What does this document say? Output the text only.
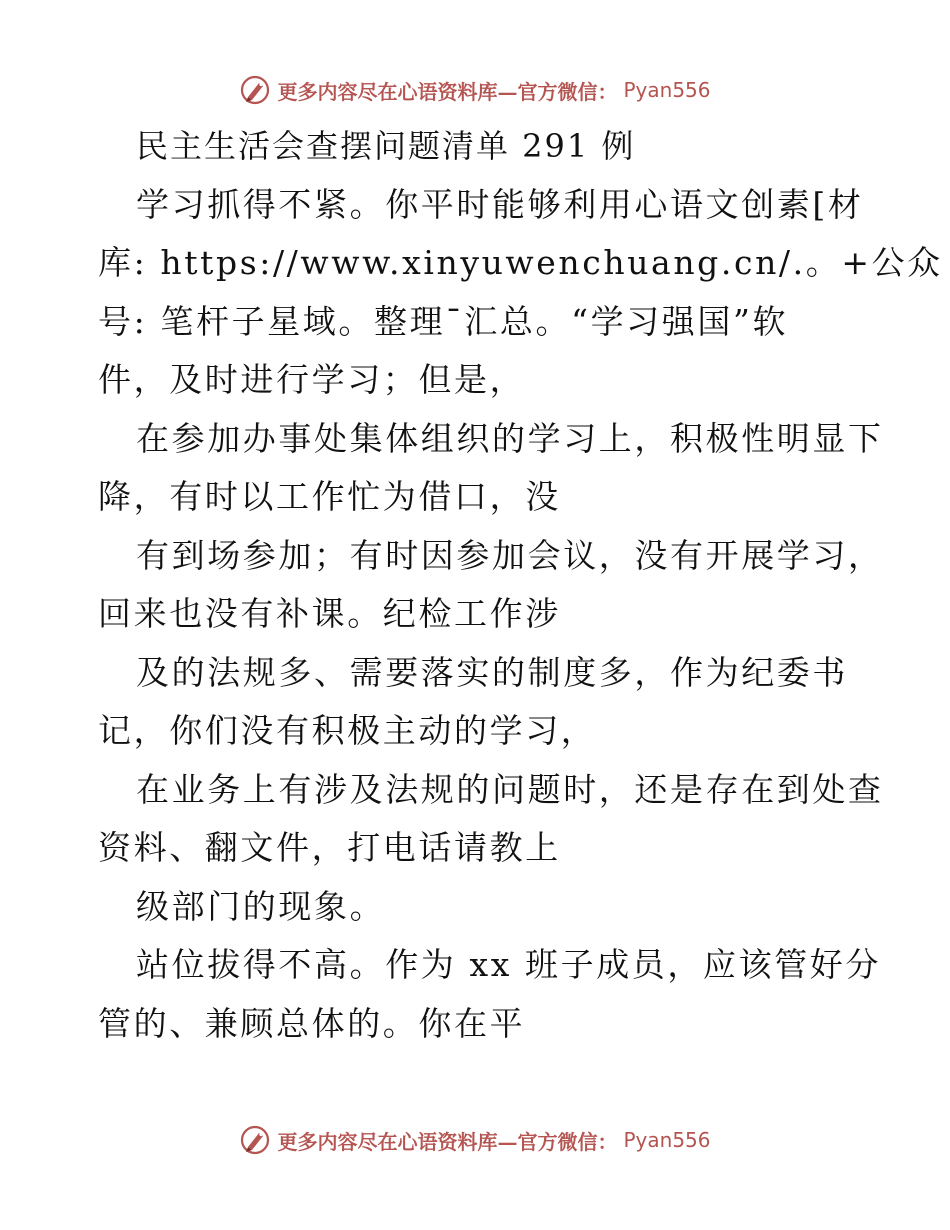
更多内容尽在心语资料库—官方微信： Pyan556
民主生活会查摆问题清单 291 例
学习抓得不紧。你平时能够利用心语文创素[材
库: https://www.xinyuwenchuang.cn/.。+公众
号: 笔杆子星域。整理¯汇总。“学习强国”软
件，及时进行学习；但是，
在参加办事处集体组织的学习上，积极性明显下
降，有时以工作忙为借口，没
有到场参加；有时因参加会议，没有开展学习，
回来也没有补课。纪检工作涉
及的法规多、需要落实的制度多，作为纪委书
记，你们没有积极主动的学习，
在业务上有涉及法规的问题时，还是存在到处查
资料、翻文件，打电话请教上
级部门的现象。
站位拔得不高。作为 xx 班子成员，应该管好分
管的、兼顾总体的。你在平
更多内容尽在心语资料库—官方微信： Pyan556
